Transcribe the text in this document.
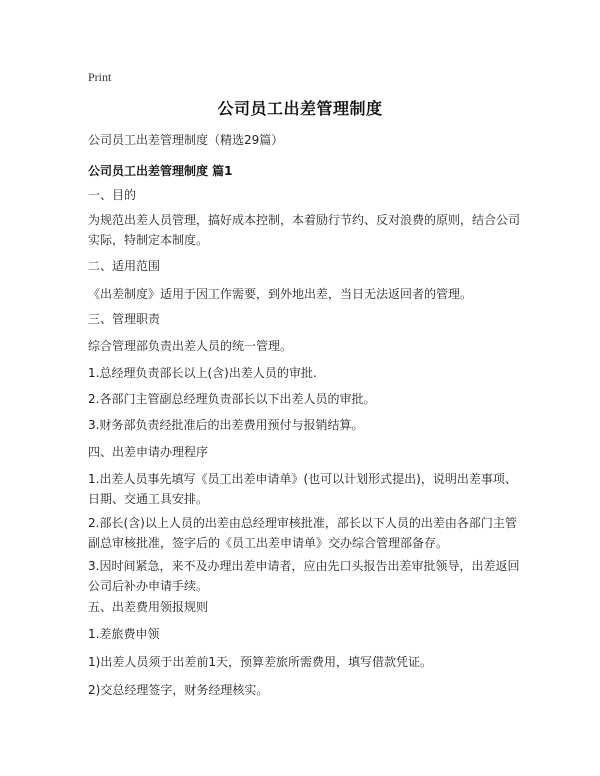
Print
公司员工出差管理制度
公司员工出差管理制度（精选29篇）
公司员工出差管理制度 篇1
一、目的
为规范出差人员管理，搞好成本控制，本着励行节约、反对浪费的原则，结合公司
实际，特制定本制度。
二、适用范围
《出差制度》适用于因工作需要，到外地出差，当日无法返回者的管理。
三、管理职责
综合管理部负责出差人员的统一管理。
1.总经理负责部长以上(含)出差人员的审批.
2.各部门主管副总经理负责部长以下出差人员的审批。
3.财务部负责经批准后的出差费用预付与报销结算。
四、出差申请办理程序
1.出差人员事先填写《员工出差申请单》(也可以计划形式提出)，说明出差事项、
日期、交通工具安排。
2.部长(含)以上人员的出差由总经理审核批准，部长以下人员的出差由各部门主管
副总审核批准，签字后的《员工出差申请单》交办综合管理部备存。
3.因时间紧急，来不及办理出差申请者，应由先口头报告出差审批领导，出差返回
公司后补办申请手续。
五、出差费用领报规则
1.差旅费申领
1)出差人员须于出差前1天，预算差旅所需费用，填写借款凭证。
2)交总经理签字，财务经理核实。
